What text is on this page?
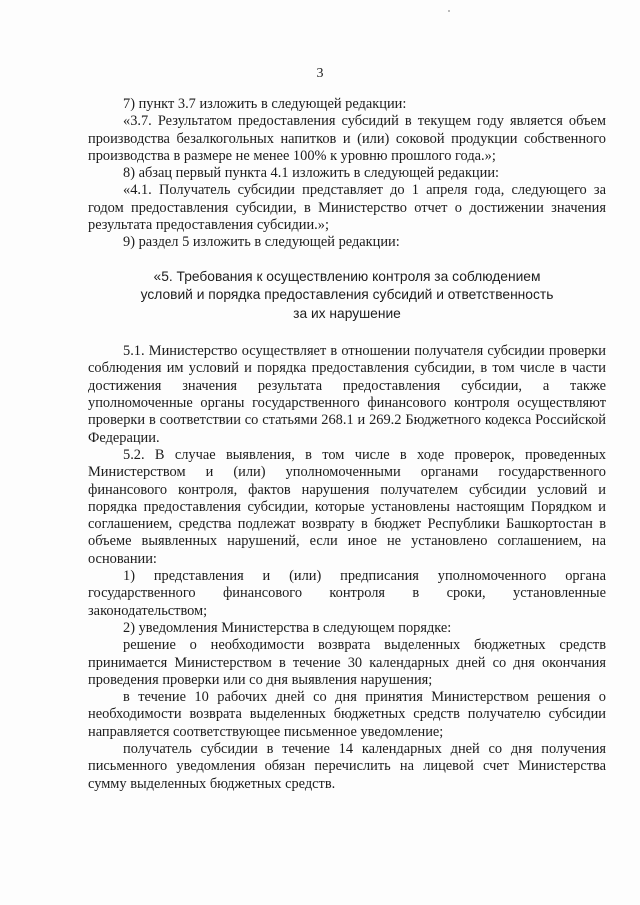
3

7) пункт 3.7 изложить в следующей редакции:

«3.7. Результатом предоставления субсидий в текущем году является объем производства безалкогольных напитков и (или) соковой продукции собственного производства в размере не менее 100% к уровню прошлого года.»;

8) абзац первый пункта 4.1 изложить в следующей редакции:

«4.1. Получатель субсидии представляет до 1 апреля года, следующего за годом предоставления субсидии, в Министерство отчет о достижении значения результата предоставления субсидии.»;

9) раздел 5 изложить в следующей редакции:

«5. Требования к осуществлению контроля за соблюдением условий и порядка предоставления субсидий и ответственность за их нарушение

5.1. Министерство осуществляет в отношении получателя субсидии проверки соблюдения им условий и порядка предоставления субсидии, в том числе в части достижения значения результата предоставления субсидии, а также уполномоченные органы государственного финансового контроля осуществляют проверки в соответствии со статьями 268.1 и 269.2 Бюджетного кодекса Российской Федерации.

5.2. В случае выявления, в том числе в ходе проверок, проведенных Министерством и (или) уполномоченными органами государственного финансового контроля, фактов нарушения получателем субсидии условий и порядка предоставления субсидии, которые установлены настоящим Порядком и соглашением, средства подлежат возврату в бюджет Республики Башкортостан в объеме выявленных нарушений, если иное не установлено соглашением, на основании:

1) представления и (или) предписания уполномоченного органа государственного финансового контроля в сроки, установленные законодательством;

2) уведомления Министерства в следующем порядке:

решение о необходимости возврата выделенных бюджетных средств принимается Министерством в течение 30 календарных дней со дня окончания проведения проверки или со дня выявления нарушения;

в течение 10 рабочих дней со дня принятия Министерством решения о необходимости возврата выделенных бюджетных средств получателю субсидии направляется соответствующее письменное уведомление;

получатель субсидии в течение 14 календарных дней со дня получения письменного уведомления обязан перечислить на лицевой счет Министерства сумму выделенных бюджетных средств.
